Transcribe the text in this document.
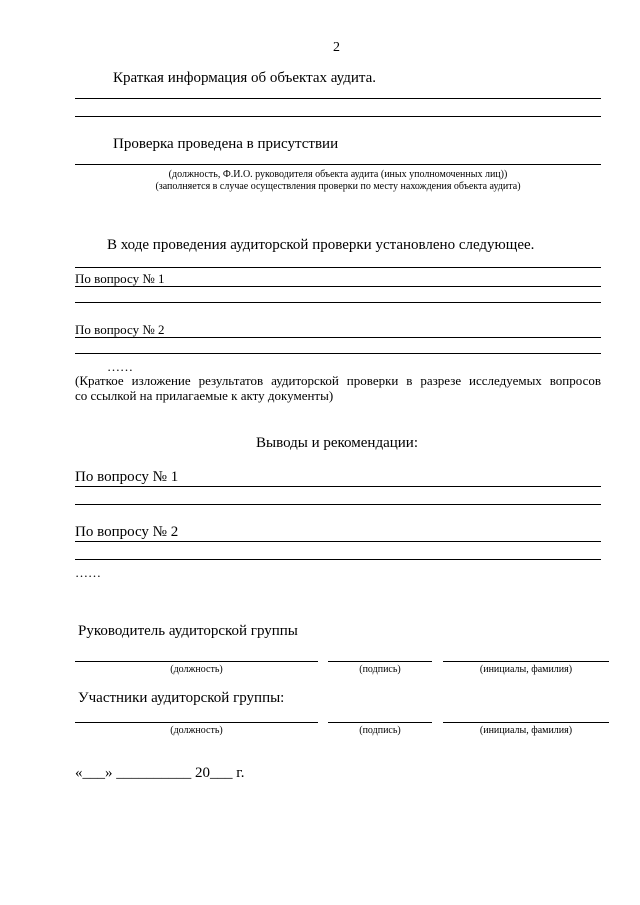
2
Краткая информация об объектах аудита.
Проверка проведена в присутствии
(должность, Ф.И.О. руководителя объекта аудита (иных уполномоченных лиц))
(заполняется в случае осуществления проверки по месту нахождения объекта аудита)
В ходе проведения аудиторской проверки установлено следующее.
По вопросу № 1
По вопросу № 2
……
(Краткое изложение результатов аудиторской проверки в разрезе исследуемых вопросов
со ссылкой на прилагаемые к акту документы)
Выводы и рекомендации:
По вопросу № 1
По вопросу № 2
……
Руководитель аудиторской группы
(должность)	(подпись)	(инициалы, фамилия)
Участники аудиторской группы:
(должность)	(подпись)	(инициалы, фамилия)
«___» __________ 20___ г.
